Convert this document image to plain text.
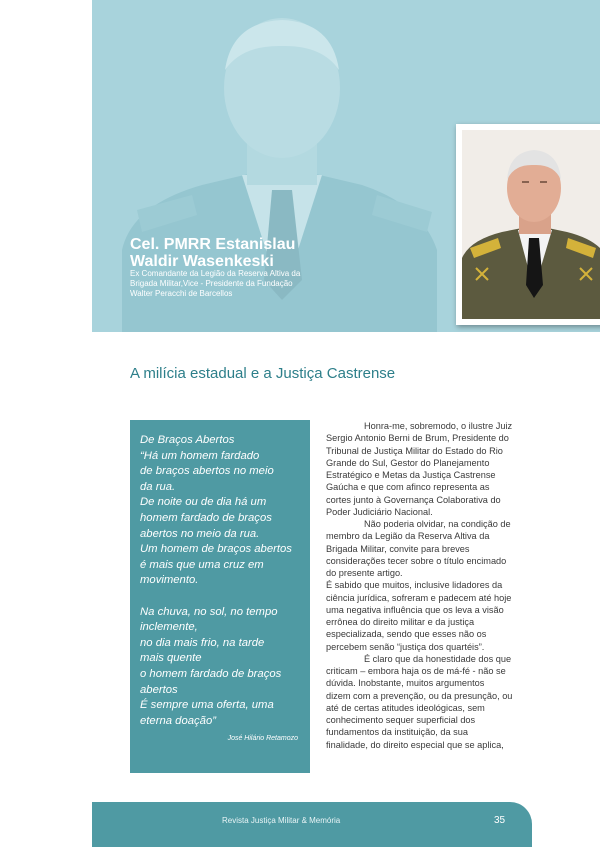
Cel. PMRR Estanislau
Waldir Wasenkeski
Ex Comandante da Legião da Reserva Altiva da
Brigada Militar,Vice - Presidente da Fundação
Walter Peracchi de Barcellos
A milícia estadual e a Justiça Castrense
De Braços Abertos
“Há um homem fardado
de braços abertos no meio
da rua.
De noite ou de dia há um
homem fardado de braços
abertos no meio da rua.
Um homem de braços abertos
é mais que uma cruz em
movimento.
Na chuva, no sol, no tempo
inclemente,
no dia mais frio, na tarde
mais quente
o homem fardado de braços
abertos
É sempre uma oferta, uma
eterna doação”
José Hilário Retamozo
Honra-me, sobremodo, o ilustre Juiz
Sergio Antonio Berni de Brum, Presidente do
Tribunal de Justiça Militar do Estado do Rio
Grande do Sul, Gestor do Planejamento
Estratégico e Metas da Justiça Castrense
Gaúcha e que com afinco representa as
cortes junto à Governança Colaborativa do
Poder Judiciário Nacional.
Não poderia olvidar, na condição de
membro da Legião da Reserva Altiva da
Brigada Militar, convite para breves
considerações tecer sobre o título encimado
do presente artigo.
É sabido que muitos, inclusive lidadores da
ciência jurídica, sofreram e padecem até hoje
uma negativa influência que os leva a visão
errônea do direito militar e da justiça
especializada, sendo que esses não os
percebem senão “justiça dos quartéis”.
É claro que da honestidade dos que
criticam – embora haja os de má-fé - não se
dúvida. Inobstante, muitos argumentos
dizem com a prevenção, ou da presunção, ou
até de certas atitudes ideológicas, sem
conhecimento sequer superficial dos
fundamentos da instituição, da sua
finalidade, do direito especial que se aplica,
Revista Justiça Militar & Memória	35
